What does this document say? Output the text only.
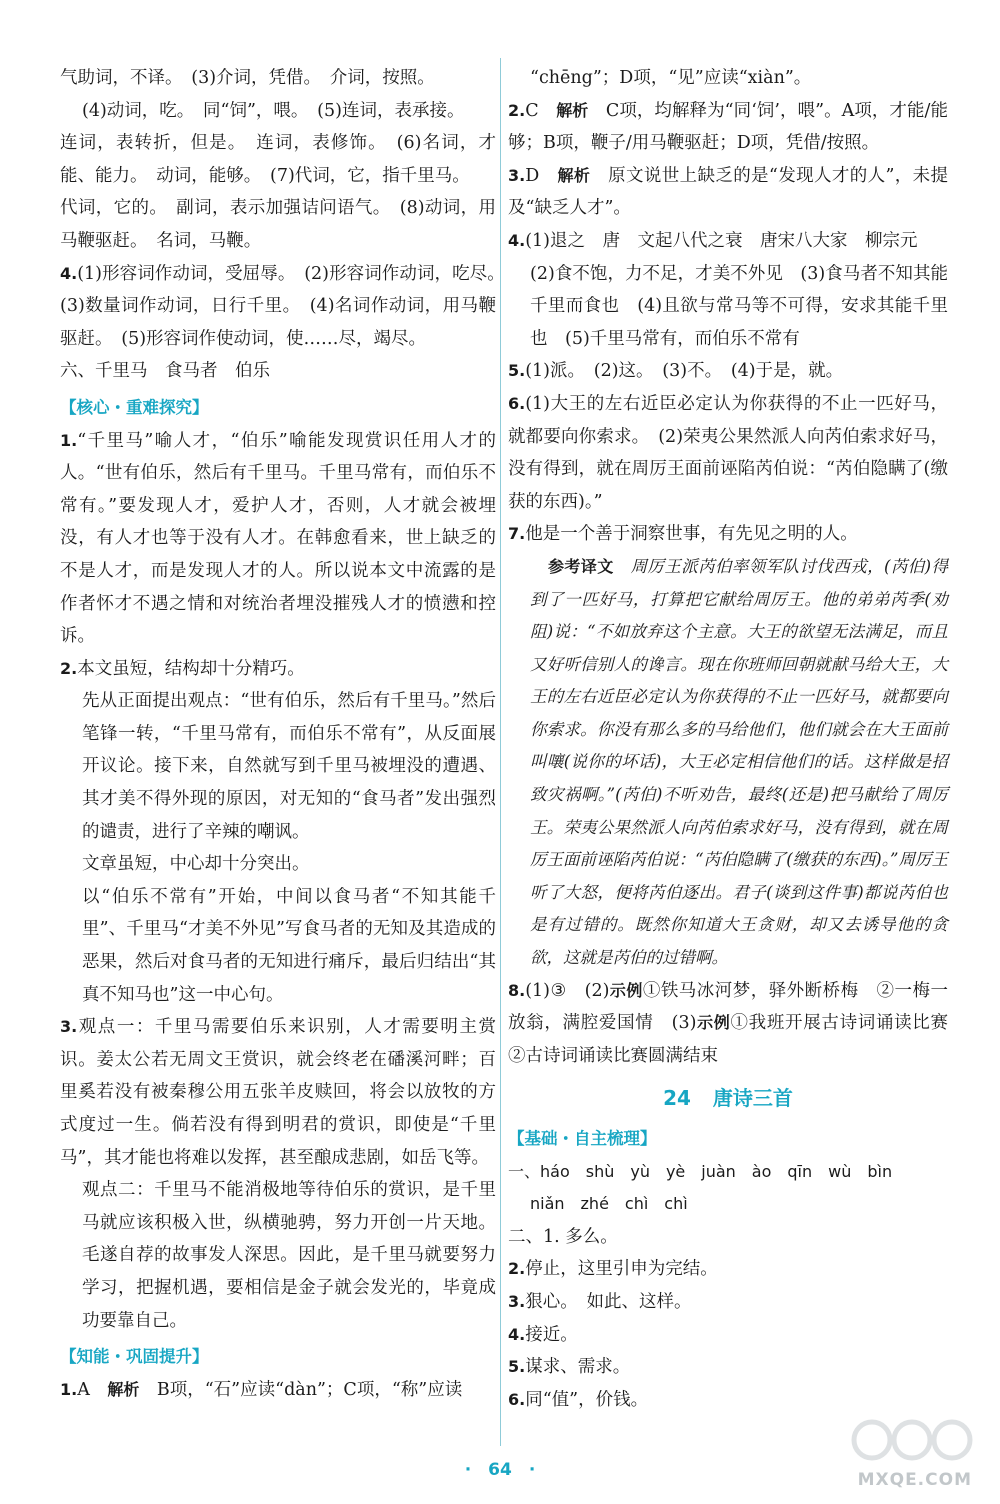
气助词，不译。　(3)介词，凭借。　介词，按照。
(4)动词，吃。　同“饲”，喂。　(5)连词，表承接。
连词，表转折，但是。　连词，表修饰。　(6)名词，才能、能力。　动词，能够。　(7)代词，它，指千里马。
代词，它的。　副词，表示加强诘问语气。　(8)动词，用马鞭驱赶。　名词，马鞭。
4.(1)形容词作动词，受屈辱。　(2)形容词作动词，吃尽。　(3)数量词作动词，日行千里。　(4)名词作动词，用马鞭驱赶。　(5)形容词作使动词，使……尽，竭尽。
六、千里马　食马者　伯乐
【核心・重难探究】
1.“千里马”喻人才，“伯乐”喻能发现赏识任用人才的人。“世有伯乐，然后有千里马。千里马常有，而伯乐不常有。”要发现人才，爱护人才，否则，人才就会被埋没，有人才也等于没有人才。在韩愈看来，世上缺乏的不是人才，而是发现人才的人。所以说本文中流露的是作者怀才不遇之情和对统治者埋没摧残人才的愤懑和控诉。
2.本文虽短，结构却十分精巧。
先从正面提出观点：“世有伯乐，然后有千里马。”然后笔锋一转，“千里马常有，而伯乐不常有”，从反面展开议论。接下来，自然就写到千里马被埋没的遭遇、其才美不得外现的原因，对无知的“食马者”发出强烈的谴责，进行了辛辣的嘲讽。
文章虽短，中心却十分突出。
以“伯乐不常有”开始，中间以食马者“不知其能千里”、千里马“才美不外见”写食马者的无知及其造成的恶果，然后对食马者的无知进行痛斥，最后归结出“其真不知马也”这一中心句。
3.观点一：千里马需要伯乐来识别，人才需要明主赏识。姜太公若无周文王赏识，就会终老在磻溪河畔；百里奚若没有被秦穆公用五张羊皮赎回，将会以放牧的方式度过一生。倘若没有得到明君的赏识，即使是“千里马”，其才能也将难以发挥，甚至酿成悲剧，如岳飞等。
观点二：千里马不能消极地等待伯乐的赏识，是千里马就应该积极入世，纵横驰骋，努力开创一片天地。毛遂自荐的故事发人深思。因此，是千里马就要努力学习，把握机遇，要相信是金子就会发光的，毕竟成功要靠自己。
【知能・巩固提升】
1.A　解析　B项，“石”应读“dàn”；C项，“称”应读
“chēng”；D项，“见”应读“xiàn”。
2.C　解析　C项，均解释为“同‘饲’，喂”。A项，才能/能够；B项，鞭子/用马鞭驱赶；D项，凭借/按照。
3.D　解析　原文说世上缺乏的是“发现人才的人”，未提及“缺乏人才”。
4.(1)退之　唐　文起八代之衰　唐宋八大家　柳宗元
(2)食不饱，力不足，才美不外见　(3)食马者不知其能千里而食也　(4)且欲与常马等不可得，安求其能千里也　(5)千里马常有，而伯乐不常有
5.(1)派。　(2)这。　(3)不。　(4)于是，就。
6.(1)大王的左右近臣必定认为你获得的不止一匹好马，就都要向你索求。　(2)荣夷公果然派人向芮伯索求好马，没有得到，就在周厉王面前诬陷芮伯说：“芮伯隐瞒了(缴获的东西)。”
7.他是一个善于洞察世事，有先见之明的人。
参考译文　 周厉王派芮伯率领军队讨伐西戎，(芮伯)得到了一匹好马，打算把它献给周厉王。他的弟弟芮季(劝阻)说：“不如放弃这个主意。大王的欲望无法满足，而且又好听信别人的谗言。现在你班师回朝就献马给大王，大王的左右近臣必定认为你获得的不止一匹好马，就都要向你索求。你没有那么多的马给他们，他们就会在大王面前叫嚷(说你的坏话)，大王必定相信他们的话。这样做是招致灾祸啊。”(芮伯)不听劝告，最终(还是)把马献给了周厉王。荣夷公果然派人向芮伯索求好马，没有得到，就在周厉王面前诬陷芮伯说：“芮伯隐瞒了(缴获的东西)。”周厉王听了大怒，便将芮伯逐出。君子(谈到这件事)都说芮伯也是有过错的。既然你知道大王贪财，却又去诱导他的贪欲，这就是芮伯的过错啊。
8.(1)③　(2)示例①铁马冰河梦，驿外断桥梅　②一梅一放翁，满腔爱国情　(3)示例①我班开展古诗词诵读比赛　②古诗词诵读比赛圆满结束
24 唐诗三首
【基础・自主梳理】
一、háo　shù　yù　yè　juàn　ào　qīn　wù　bìn
niǎn　zhé　chì　chì
二、1. 多么。
2.停止，这里引申为完结。
3.狠心。　如此、这样。
4.接近。
5.谋求、需求。
6.同“值”，价钱。
·　64　·	MXQE.COM
